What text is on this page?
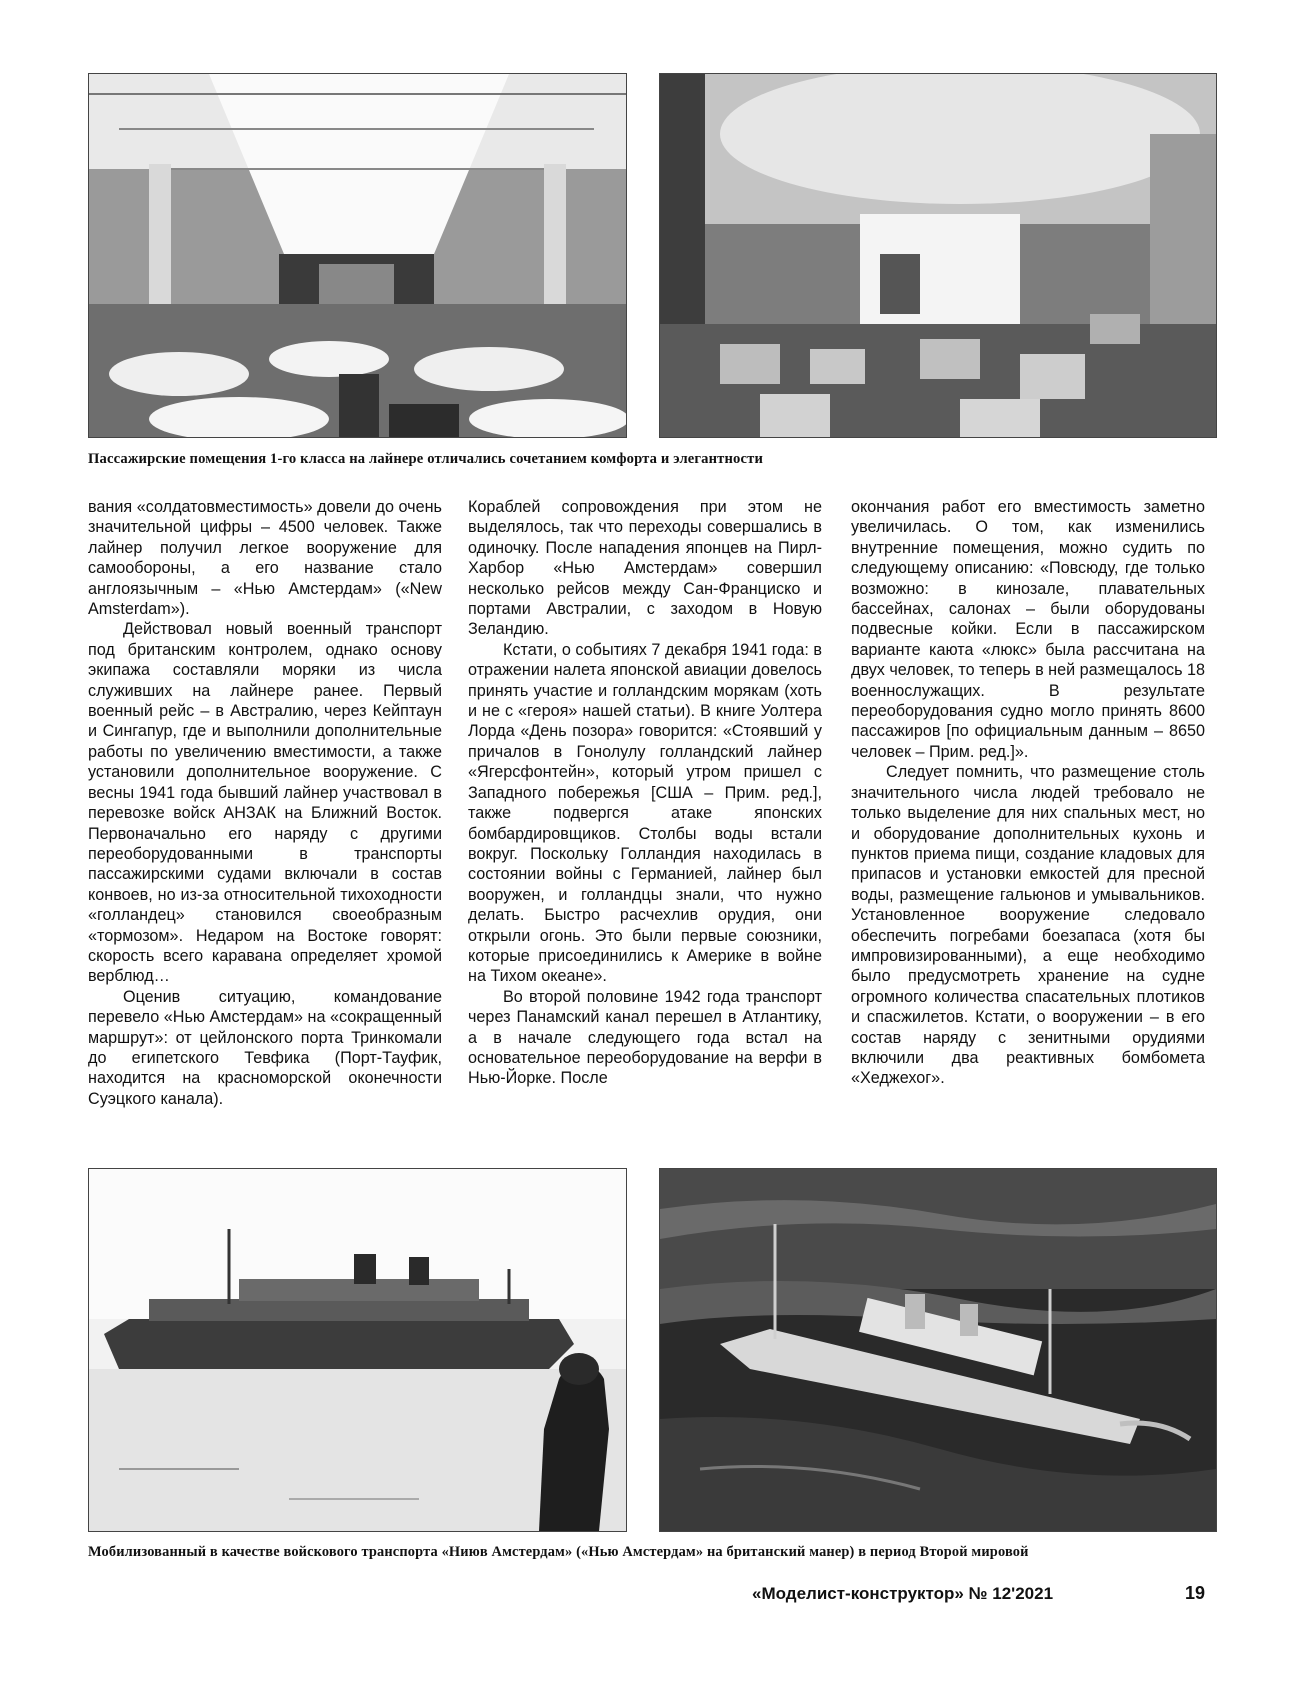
Пассажирские помещения 1-го класса на лайнере отличались сочетанием комфорта и элегантности

вания «солдатовместимость» довели до очень значительной цифры – 4500 человек. Также лайнер получил легкое вооружение для самообороны, а его название стало англоязычным – «Нью Амстердам» («New Amsterdam»).

Действовал новый военный транспорт под британским контролем, однако основу экипажа составляли моряки из числа служивших на лайнере ранее. Первый военный рейс – в Австралию, через Кейптаун и Сингапур, где и выполнили дополнительные работы по увеличению вместимости, а также установили дополнительное вооружение. С весны 1941 года бывший лайнер участвовал в перевозке войск АНЗАК на Ближний Восток. Первоначально его наряду с другими переоборудованными в транспорты пассажирскими судами включали в состав конвоев, но из-за относительной тихоходности «голландец» становился своеобразным «тормозом». Недаром на Востоке говорят: скорость всего каравана определяет хромой верблюд…

Оценив ситуацию, командование перевело «Нью Амстердам» на «сокращенный маршрут»: от цейлонского порта Тринкомали до египетского Тевфика (Порт-Тауфик, находится на красноморской оконечности Суэцкого канала).

Кораблей сопровождения при этом не выделялось, так что переходы совершались в одиночку. После нападения японцев на Пирл-Харбор «Нью Амстердам» совершил несколько рейсов между Сан-Франциско и портами Австралии, с заходом в Новую Зеландию.

Кстати, о событиях 7 декабря 1941 года: в отражении налета японской авиации довелось принять участие и голландским морякам (хоть и не с «героя» нашей статьи). В книге Уолтера Лорда «День позора» говорится: «Стоявший у причалов в Гонолулу голландский лайнер «Ягерсфонтейн», который утром пришел с Западного побережья [США – Прим. ред.], также подвергся атаке японских бомбардировщиков. Столбы воды встали вокруг. Поскольку Голландия находилась в состоянии войны с Германией, лайнер был вооружен, и голландцы знали, что нужно делать. Быстро расчехлив орудия, они открыли огонь. Это были первые союзники, которые присоединились к Америке в войне на Тихом океане».

Во второй половине 1942 года транспорт через Панамский канал перешел в Атлантику, а в начале следующего года встал на основательное переоборудование на верфи в Нью-Йорке. После

окончания работ его вместимость заметно увеличилась. О том, как изменились внутренние помещения, можно судить по следующему описанию: «Повсюду, где только возможно: в кинозале, плавательных бассейнах, салонах – были оборудованы подвесные койки. Если в пассажирском варианте каюта «люкс» была рассчитана на двух человек, то теперь в ней размещалось 18 военнослужащих. В результате переоборудования судно могло принять 8600 пассажиров [по официальным данным – 8650 человек – Прим. ред.]».

Следует помнить, что размещение столь значительного числа людей требовало не только выделение для них спальных мест, но и оборудование дополнительных кухонь и пунктов приема пищи, создание кладовых для припасов и установки емкостей для пресной воды, размещение гальюнов и умывальников. Установленное вооружение следовало обеспечить погребами боезапаса (хотя бы импровизированными), а еще необходимо было предусмотреть хранение на судне огромного количества спасательных плотиков и спасжилетов. Кстати, о вооружении – в его состав наряду с зенитными орудиями включили два реактивных бомбомета «Хеджехог».

Мобилизованный в качестве войскового транспорта «Ниюв Амстердам» («Нью Амстердам» на британский манер) в период Второй мировой
«Моделист-конструктор» № 12'2021	19
